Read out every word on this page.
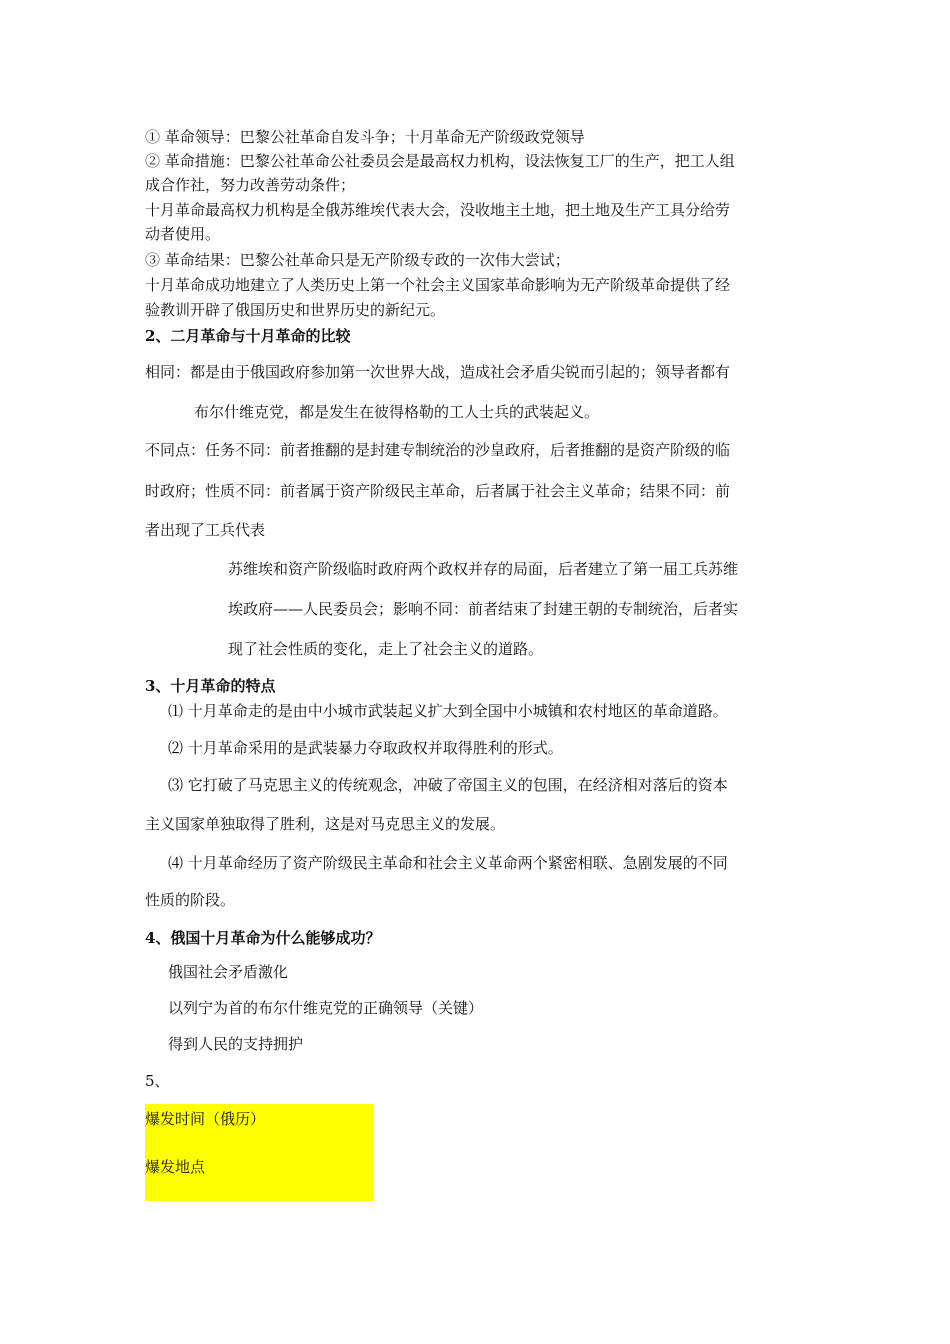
① 革命领导：巴黎公社革命自发斗争；十月革命无产阶级政党领导
② 革命措施：巴黎公社革命公社委员会是最高权力机构，设法恢复工厂的生产，把工人组
成合作社，努力改善劳动条件；
十月革命最高权力机构是全俄苏维埃代表大会，没收地主土地，把土地及生产工具分给劳
动者使用。
③ 革命结果：巴黎公社革命只是无产阶级专政的一次伟大尝试；
十月革命成功地建立了人类历史上第一个社会主义国家革命影响为无产阶级革命提供了经
验教训开辟了俄国历史和世界历史的新纪元。
2、二月革命与十月革命的比较
相同：都是由于俄国政府参加第一次世界大战，造成社会矛盾尖锐而引起的；领导者都有
布尔什维克党，都是发生在彼得格勒的工人士兵的武装起义。
不同点：任务不同：前者推翻的是封建专制统治的沙皇政府，后者推翻的是资产阶级的临
时政府；性质不同：前者属于资产阶级民主革命，后者属于社会主义革命；结果不同：前
者出现了工兵代表
苏维埃和资产阶级临时政府两个政权并存的局面，后者建立了第一届工兵苏维
埃政府——人民委员会；影响不同：前者结束了封建王朝的专制统治，后者实
现了社会性质的变化，走上了社会主义的道路。
3、十月革命的特点
⑴ 十月革命走的是由中小城市武装起义扩大到全国中小城镇和农村地区的革命道路。
⑵ 十月革命采用的是武装暴力夺取政权并取得胜利的形式。
⑶ 它打破了马克思主义的传统观念，冲破了帝国主义的包围，在经济相对落后的资本
主义国家单独取得了胜利，这是对马克思主义的发展。
⑷ 十月革命经历了资产阶级民主革命和社会主义革命两个紧密相联、急剧发展的不同
性质的阶段。
4、俄国十月革命为什么能够成功？
俄国社会矛盾激化
以列宁为首的布尔什维克党的正确领导（关键）
得到人民的支持拥护
5、
爆发时间（俄历）
爆发地点
